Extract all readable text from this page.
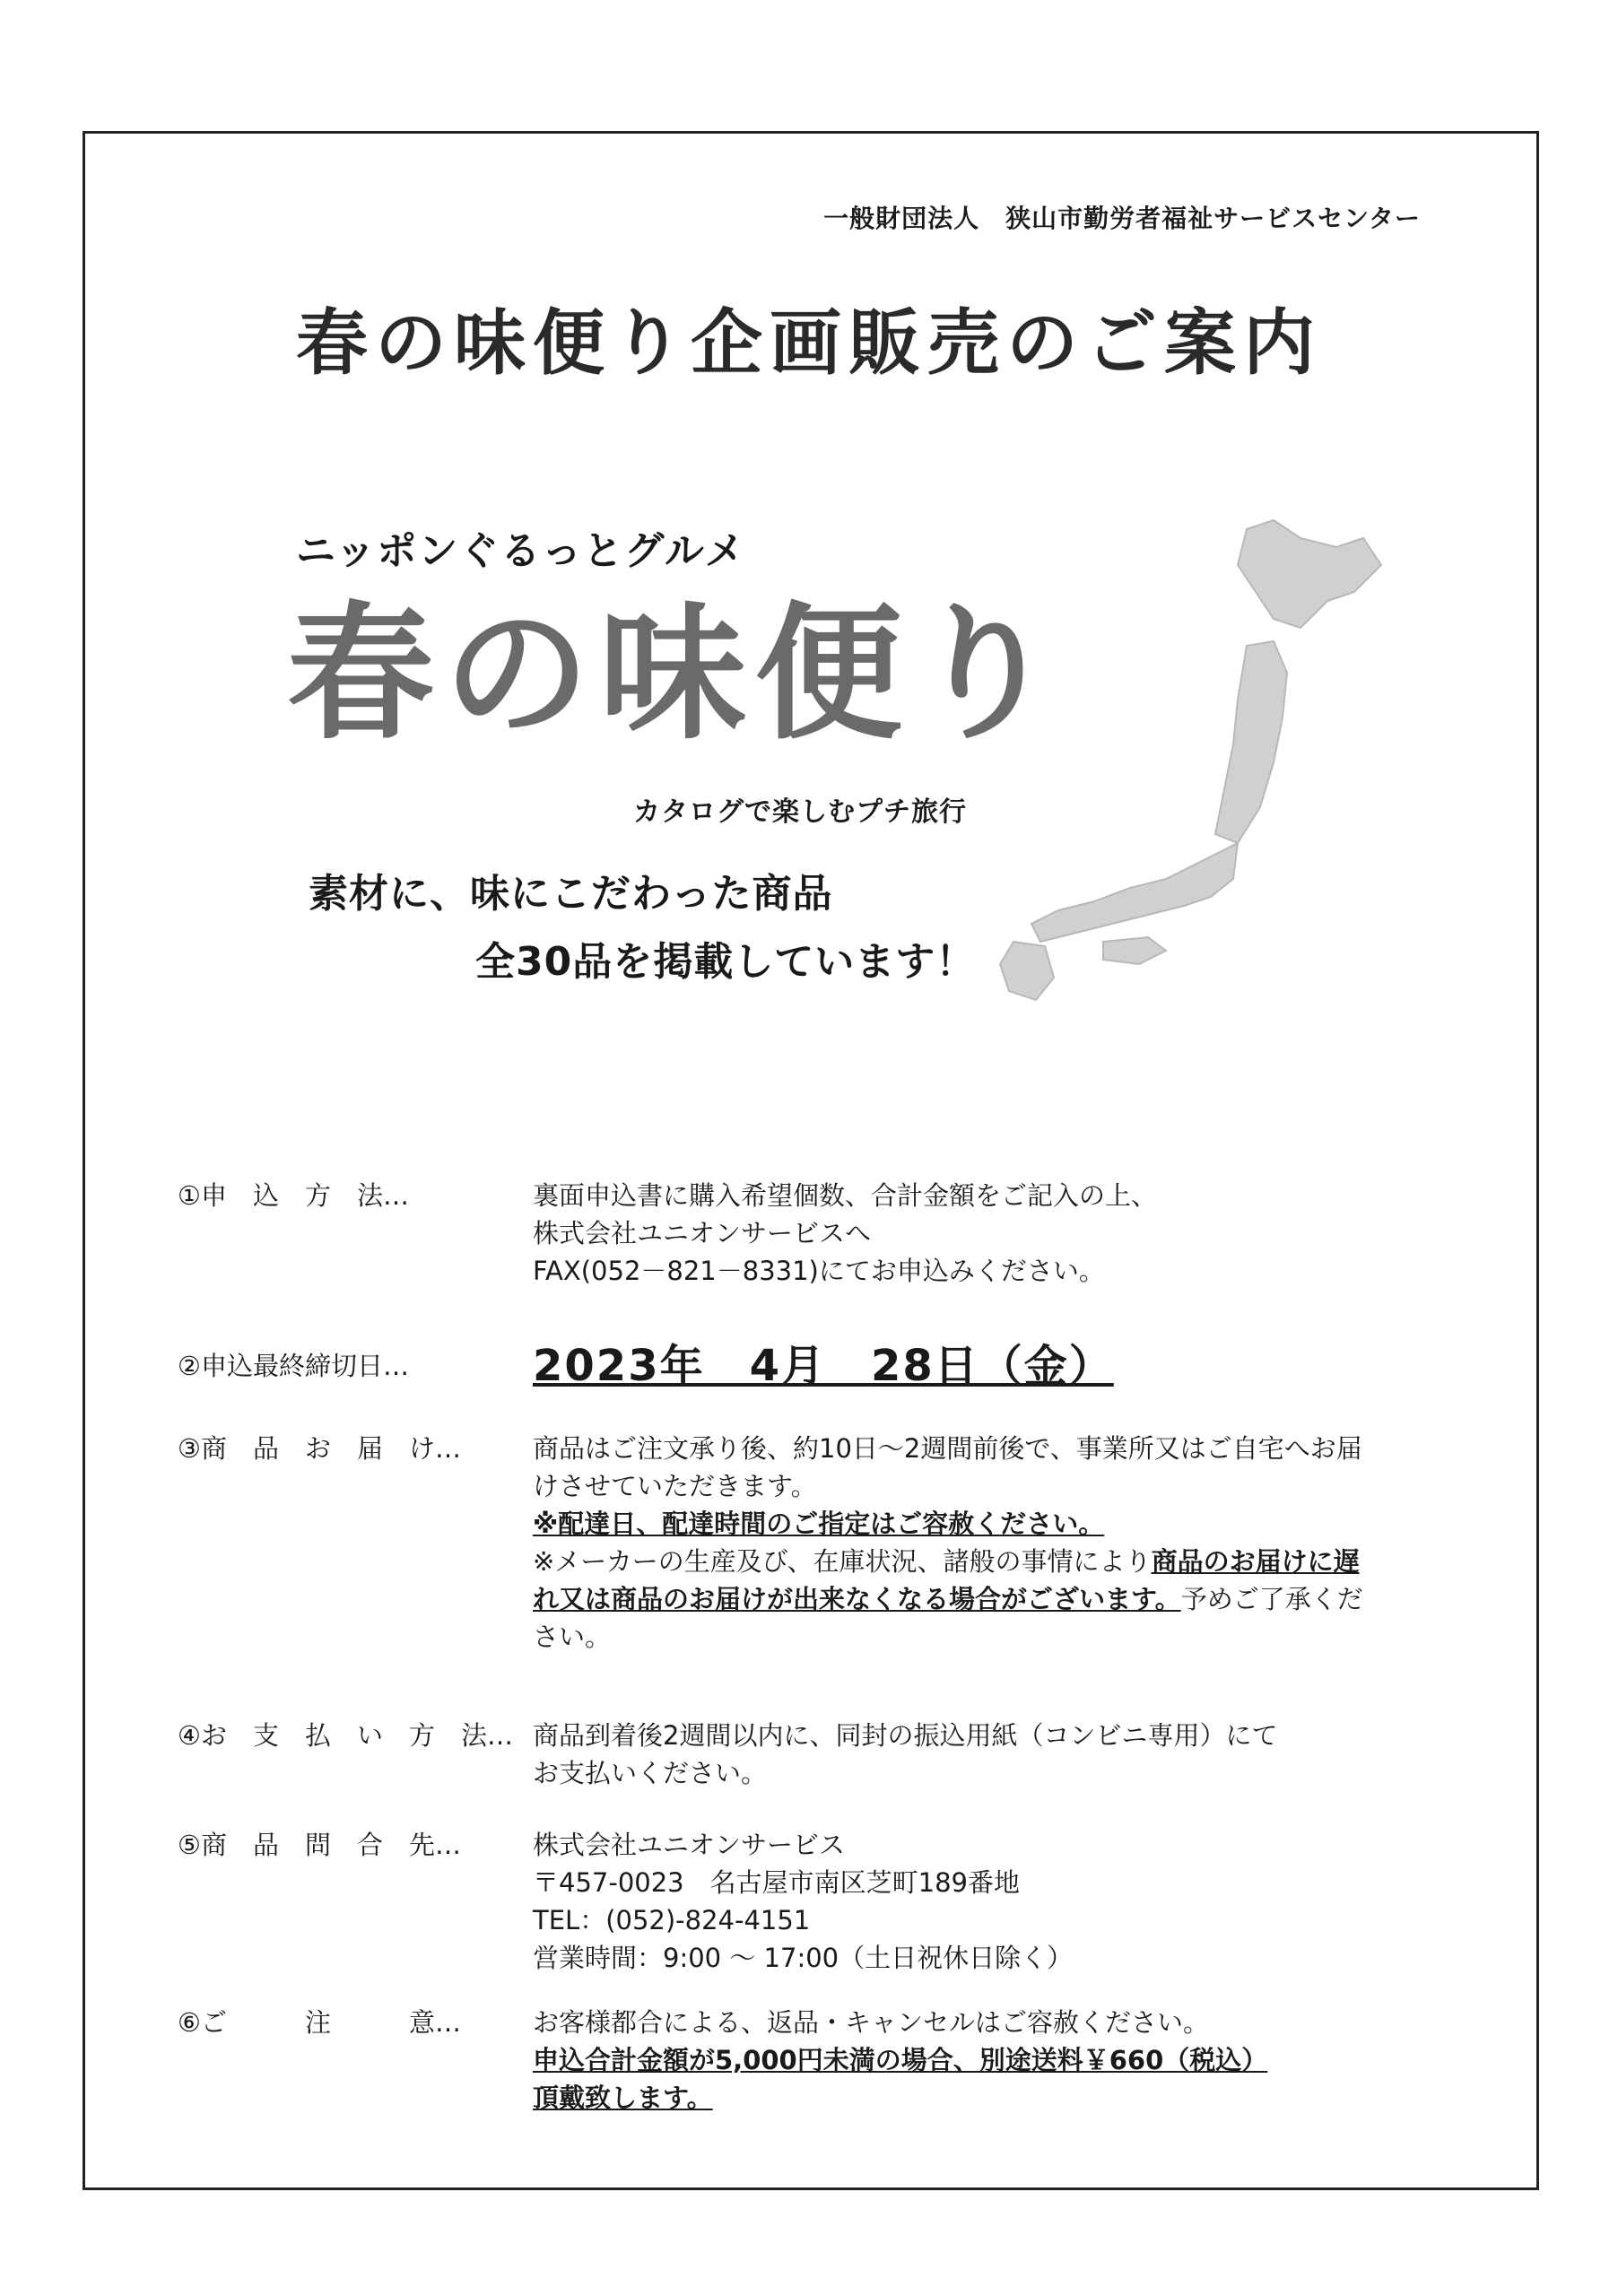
一般財団法人　狭山市勤労者福祉サービスセンター
春の味便り企画販売のご案内
ニッポンぐるっとグルメ
春の味便り
カタログで楽しむプチ旅行
素材に、味にこだわった商品
全30品を掲載しています！
①申　込　方　法…	裏面申込書に購入希望個数、合計金額をご記入の上、
株式会社ユニオンサービスへ
FAX(052－821－8331)にてお申込みください。
②申込最終締切日…	2023年　4月　28日（金）
③商　品　お　届　け…	商品はご注文承り後、約10日～2週間前後で、事業所又はご自宅へお届
けさせていただきます。
※配達日、配達時間のご指定はご容赦ください。
※メーカーの生産及び、在庫状況、諸般の事情により商品のお届けに遅
れ又は商品のお届けが出来なくなる場合がございます。予めご了承くだ
さい。
④お　支　払　い　方　法… 商品到着後2週間以内に、同封の振込用紙（コンビニ専用）にて
お支払いください。
⑤商　品　問　合　先…	株式会社ユニオンサービス
〒457-0023　名古屋市南区芝町189番地
TEL：(052)-824-4151
営業時間：9:00 ～ 17:00（土日祝休日除く）
⑥ご　　　注　　　意…	お客様都合による、返品・キャンセルはご容赦ください。
申込合計金額が5,000円未満の場合、別途送料￥660（税込）
頂戴致します。
